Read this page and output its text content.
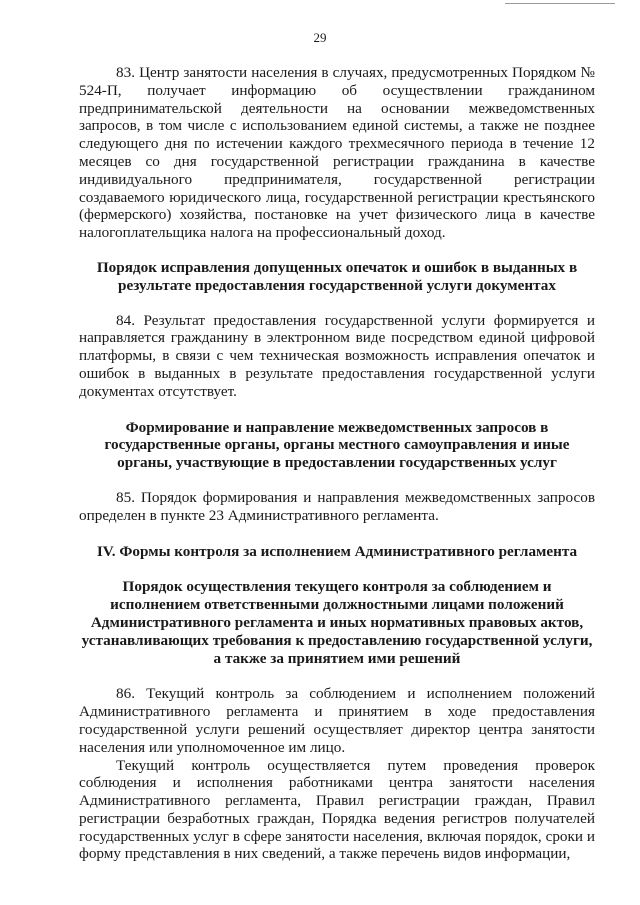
29

83. Центр занятости населения в случаях, предусмотренных Порядком № 524-П, получает информацию об осуществлении гражданином предпринимательской деятельности на основании межведомственных запросов, в том числе с использованием единой системы, а также не позднее следующего дня по истечении каждого трехмесячного периода в течение 12 месяцев со дня государственной регистрации гражданина в качестве индивидуального предпринимателя, государственной регистрации создаваемого юридического лица, государственной регистрации крестьянского (фермерского) хозяйства, постановке на учет физического лица в качестве налогоплательщика налога на профессиональный доход.

Порядок исправления допущенных опечаток и ошибок в выданных в
результате предоставления государственной услуги документах

84. Результат предоставления государственной услуги формируется и направляется гражданину в электронном виде посредством единой цифровой платформы, в связи с чем техническая возможность исправления опечаток и ошибок в выданных в результате предоставления государственной услуги документах отсутствует.

Формирование и направление межведомственных запросов в
государственные органы, органы местного самоуправления и иные
органы, участвующие в предоставлении государственных услуг

85. Порядок формирования и направления межведомственных запросов определен в пункте 23 Административного регламента.

IV. Формы контроля за исполнением Административного регламента
Порядок осуществления текущего контроля за соблюдением и
исполнением ответственными должностными лицами положений
Административного регламента и иных нормативных правовых актов,
устанавливающих требования к предоставлению государственной услуги,
а также за принятием ими решений

86. Текущий контроль за соблюдением и исполнением положений Административного регламента и принятием в ходе предоставления государственной услуги решений осуществляет директор центра занятости населения или уполномоченное им лицо.

Текущий контроль осуществляется путем проведения проверок соблюдения и исполнения работниками центра занятости населения Административного регламента, Правил регистрации граждан, Правил регистрации безработных граждан, Порядка ведения регистров получателей государственных услуг в сфере занятости населения, включая порядок, сроки и форму представления в них сведений, а также перечень видов информации,
